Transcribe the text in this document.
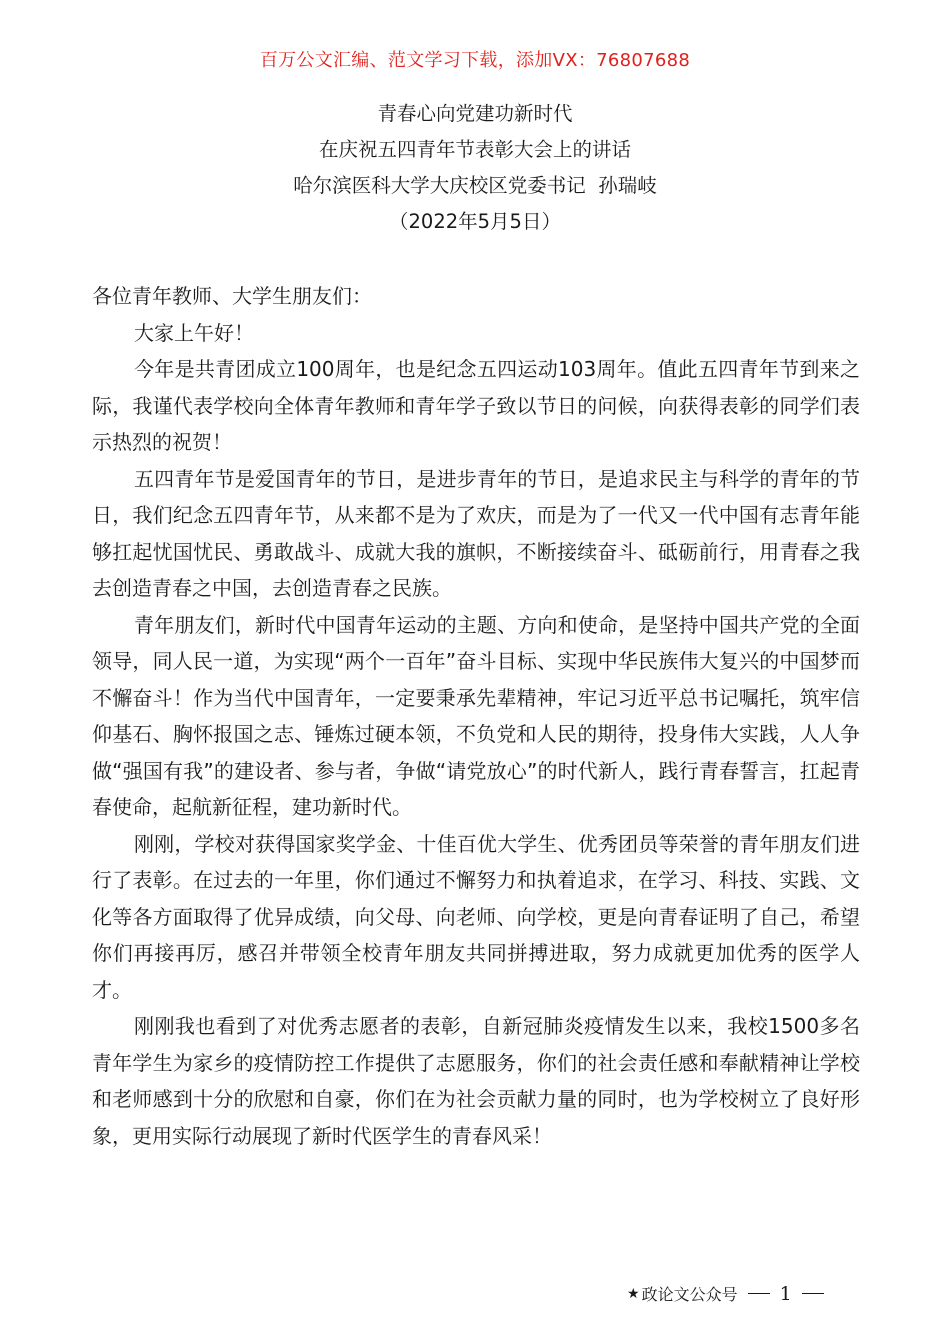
百万公文汇编、范文学习下载，添加VX：76807688
青春心向党建功新时代
在庆祝五四青年节表彰大会上的讲话
哈尔滨医科大学大庆校区党委书记  孙瑞岐
（2022年5月5日）

各位青年教师、大学生朋友们：

大家上午好！

今年是共青团成立100周年，也是纪念五四运动103周年。值此五四青年节到来之际，我谨代表学校向全体青年教师和青年学子致以节日的问候，向获得表彰的同学们表示热烈的祝贺！

五四青年节是爱国青年的节日，是进步青年的节日，是追求民主与科学的青年的节日，我们纪念五四青年节，从来都不是为了欢庆，而是为了一代又一代中国有志青年能够扛起忧国忧民、勇敢战斗、成就大我的旗帜，不断接续奋斗、砥砺前行，用青春之我去创造青春之中国，去创造青春之民族。

青年朋友们，新时代中国青年运动的主题、方向和使命，是坚持中国共产党的全面领导，同人民一道，为实现“两个一百年”奋斗目标、实现中华民族伟大复兴的中国梦而不懈奋斗！作为当代中国青年，一定要秉承先辈精神，牢记习近平总书记嘱托，筑牢信仰基石、胸怀报国之志、锤炼过硬本领，不负党和人民的期待，投身伟大实践，人人争做“强国有我”的建设者、参与者，争做“请党放心”的时代新人，践行青春誓言，扛起青春使命，起航新征程，建功新时代。

刚刚，学校对获得国家奖学金、十佳百优大学生、优秀团员等荣誉的青年朋友们进行了表彰。在过去的一年里，你们通过不懈努力和执着追求，在学习、科技、实践、文化等各方面取得了优异成绩，向父母、向老师、向学校，更是向青春证明了自己，希望你们再接再厉，感召并带领全校青年朋友共同拼搏进取，努力成就更加优秀的医学人才。

刚刚我也看到了对优秀志愿者的表彰，自新冠肺炎疫情发生以来，我校1500多名青年学生为家乡的疫情防控工作提供了志愿服务，你们的社会责任感和奉献精神让学校和老师感到十分的欣慰和自豪，你们在为社会贡献力量的同时，也为学校树立了良好形象，更用实际行动展现了新时代医学生的青春风采！

★ 政论文公众号 1
